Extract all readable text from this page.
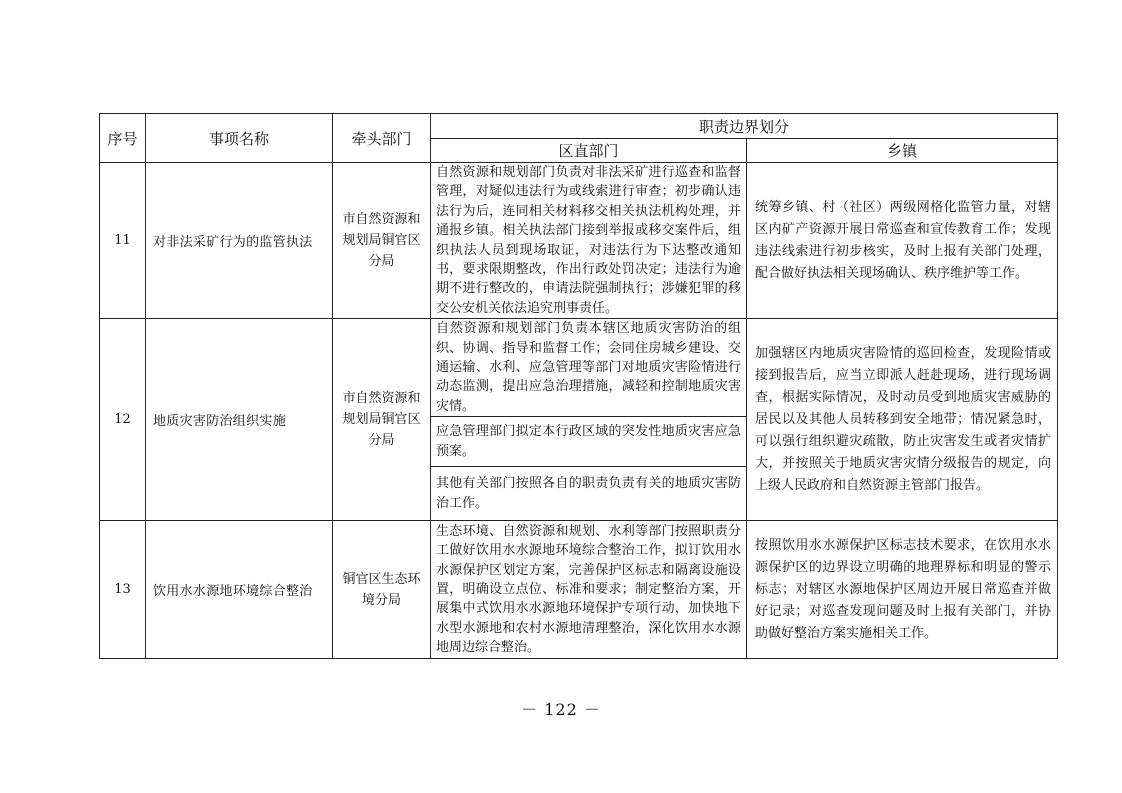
序号	事项名称	牵头部门	职责边界划分	
			区直部门	乡镇
11	对非法采矿行为的监管执法	市自然资源和规划局铜官区分局	自然资源和规划部门负责对非法采矿进行巡查和监督管理，对疑似违法行为或线索进行审查；初步确认违法行为后，连同相关材料移交相关执法机构处理，并通报乡镇。相关执法部门接到举报或移交案件后，组织执法人员到现场取证，对违法行为下达整改通知书，要求限期整改，作出行政处罚决定；违法行为逾期不进行整改的，申请法院强制执行；涉嫌犯罪的移交公安机关依法追究刑事责任。	统筹乡镇、村（社区）两级网格化监管力量，对辖区内矿产资源开展日常巡查和宣传教育工作；发现违法线索进行初步核实，及时上报有关部门处理，配合做好执法相关现场确认、秩序维护等工作。
12	地质灾害防治组织实施	市自然资源和规划局铜官区分局	自然资源和规划部门负责本辖区地质灾害防治的组织、协调、指导和监督工作；会同住房城乡建设、交通运输、水利、应急管理等部门对地质灾害险情进行动态监测，提出应急治理措施，减轻和控制地质灾害灾情。	加强辖区内地质灾害险情的巡回检查，发现险情或接到报告后，应当立即派人赶赴现场，进行现场调查，根据实际情况，及时动员受到地质灾害威胁的居民以及其他人员转移到安全地带；情况紧急时，可以强行组织避灾疏散，防止灾害发生或者灾情扩大，并按照关于地质灾害灾情分级报告的规定，向上级人民政府和自然资源主管部门报告。
			应急管理部门拟定本行政区域的突发性地质灾害应急预案。	
			其他有关部门按照各自的职责负责有关的地质灾害防治工作。	
13	饮用水水源地环境综合整治	铜官区生态环境分局	生态环境、自然资源和规划、水利等部门按照职责分工做好饮用水水源地环境综合整治工作，拟订饮用水水源保护区划定方案，完善保护区标志和隔离设施设置，明确设立点位、标准和要求；制定整治方案，开展集中式饮用水水源地环境保护专项行动，加快地下水型水源地和农村水源地清理整治，深化饮用水水源地周边综合整治。	按照饮用水水源保护区标志技术要求，在饮用水水源保护区的边界设立明确的地理界标和明显的警示标志；对辖区水源地保护区周边开展日常巡查并做好记录；对巡查发现问题及时上报有关部门，并协助做好整治方案实施相关工作。
－ 122 －
